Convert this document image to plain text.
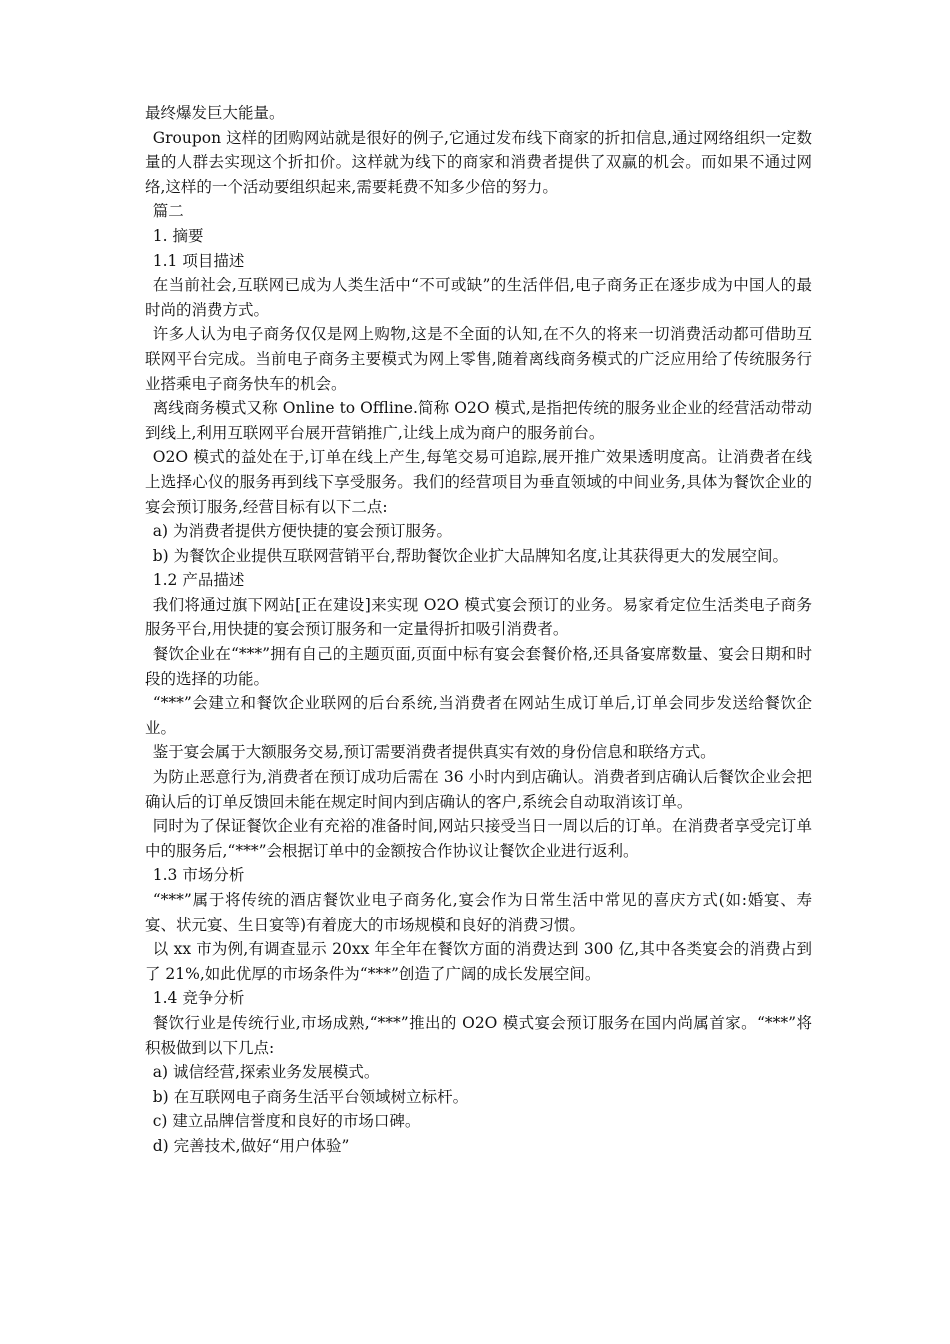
最终爆发巨大能量。

Groupon 这样的团购网站就是很好的例子,它通过发布线下商家的折扣信息,通过网络组织一定数量的人群去实现这个折扣价。这样就为线下的商家和消费者提供了双赢的机会。而如果不通过网络,这样的一个活动要组织起来,需要耗费不知多少倍的努力。

篇二

1. 摘要

1.1 项目描述

在当前社会,互联网已成为人类生活中“不可或缺”的生活伴侣,电子商务正在逐步成为中国人的最时尚的消费方式。

许多人认为电子商务仅仅是网上购物,这是不全面的认知,在不久的将来一切消费活动都可借助互联网平台完成。当前电子商务主要模式为网上零售,随着离线商务模式的广泛应用给了传统服务行业搭乘电子商务快车的机会。

离线商务模式又称 Online to Offline.简称 O2O 模式,是指把传统的服务业企业的经营活动带动到线上,利用互联网平台展开营销推广,让线上成为商户的服务前台。

O2O 模式的益处在于,订单在线上产生,每笔交易可追踪,展开推广效果透明度高。让消费者在线上选择心仪的服务再到线下享受服务。我们的经营项目为垂直领域的中间业务,具体为餐饮企业的宴会预订服务,经营目标有以下二点:

a) 为消费者提供方便快捷的宴会预订服务。

b) 为餐饮企业提供互联网营销平台,帮助餐饮企业扩大品牌知名度,让其获得更大的发展空间。

1.2 产品描述

我们将通过旗下网站[正在建设]来实现 O2O 模式宴会预订的业务。易家肴定位生活类电子商务服务平台,用快捷的宴会预订服务和一定量得折扣吸引消费者。

餐饮企业在“***”拥有自己的主题页面,页面中标有宴会套餐价格,还具备宴席数量、宴会日期和时段的选择的功能。

“***”会建立和餐饮企业联网的后台系统,当消费者在网站生成订单后,订单会同步发送给餐饮企业。

鉴于宴会属于大额服务交易,预订需要消费者提供真实有效的身份信息和联络方式。

为防止恶意行为,消费者在预订成功后需在 36 小时内到店确认。消费者到店确认后餐饮企业会把确认后的订单反馈回未能在规定时间内到店确认的客户,系统会自动取消该订单。

同时为了保证餐饮企业有充裕的准备时间,网站只接受当日一周以后的订单。在消费者享受完订单中的服务后,“***”会根据订单中的金额按合作协议让餐饮企业进行返利。

1.3 市场分析

“***”属于将传统的酒店餐饮业电子商务化,宴会作为日常生活中常见的喜庆方式(如:婚宴、寿宴、状元宴、生日宴等)有着庞大的市场规模和良好的消费习惯。

以 xx 市为例,有调查显示 20xx 年全年在餐饮方面的消费达到 300 亿,其中各类宴会的消费占到了 21%,如此优厚的市场条件为“***”创造了广阔的成长发展空间。

1.4 竞争分析

餐饮行业是传统行业,市场成熟,“***”推出的 O2O 模式宴会预订服务在国内尚属首家。“***”将积极做到以下几点:

a) 诚信经营,探索业务发展模式。

b) 在互联网电子商务生活平台领域树立标杆。

c) 建立品牌信誉度和良好的市场口碑。

d) 完善技术,做好“用户体验”
